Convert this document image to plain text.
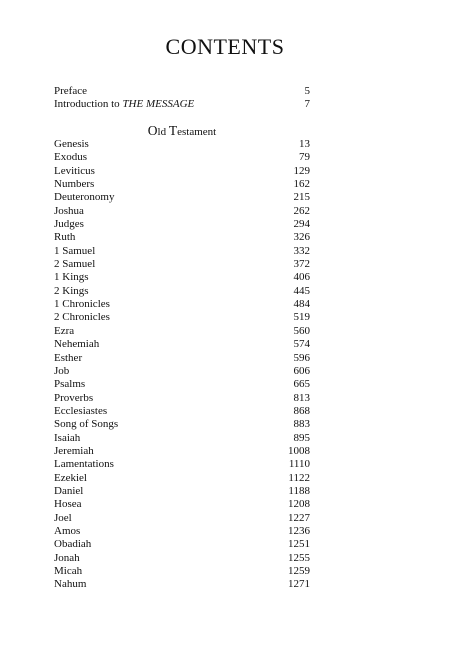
CONTENTS
Preface	5
Introduction to THE MESSAGE	7
Old Testament
Genesis	13
Exodus	79
Leviticus	129
Numbers	162
Deuteronomy	215
Joshua	262
Judges	294
Ruth	326
1 Samuel	332
2 Samuel	372
1 Kings	406
2 Kings	445
1 Chronicles	484
2 Chronicles	519
Ezra	560
Nehemiah	574
Esther	596
Job	606
Psalms	665
Proverbs	813
Ecclesiastes	868
Song of Songs	883
Isaiah	895
Jeremiah	1008
Lamentations	1110
Ezekiel	1122
Daniel	1188
Hosea	1208
Joel	1227
Amos	1236
Obadiah	1251
Jonah	1255
Micah	1259
Nahum	1271
